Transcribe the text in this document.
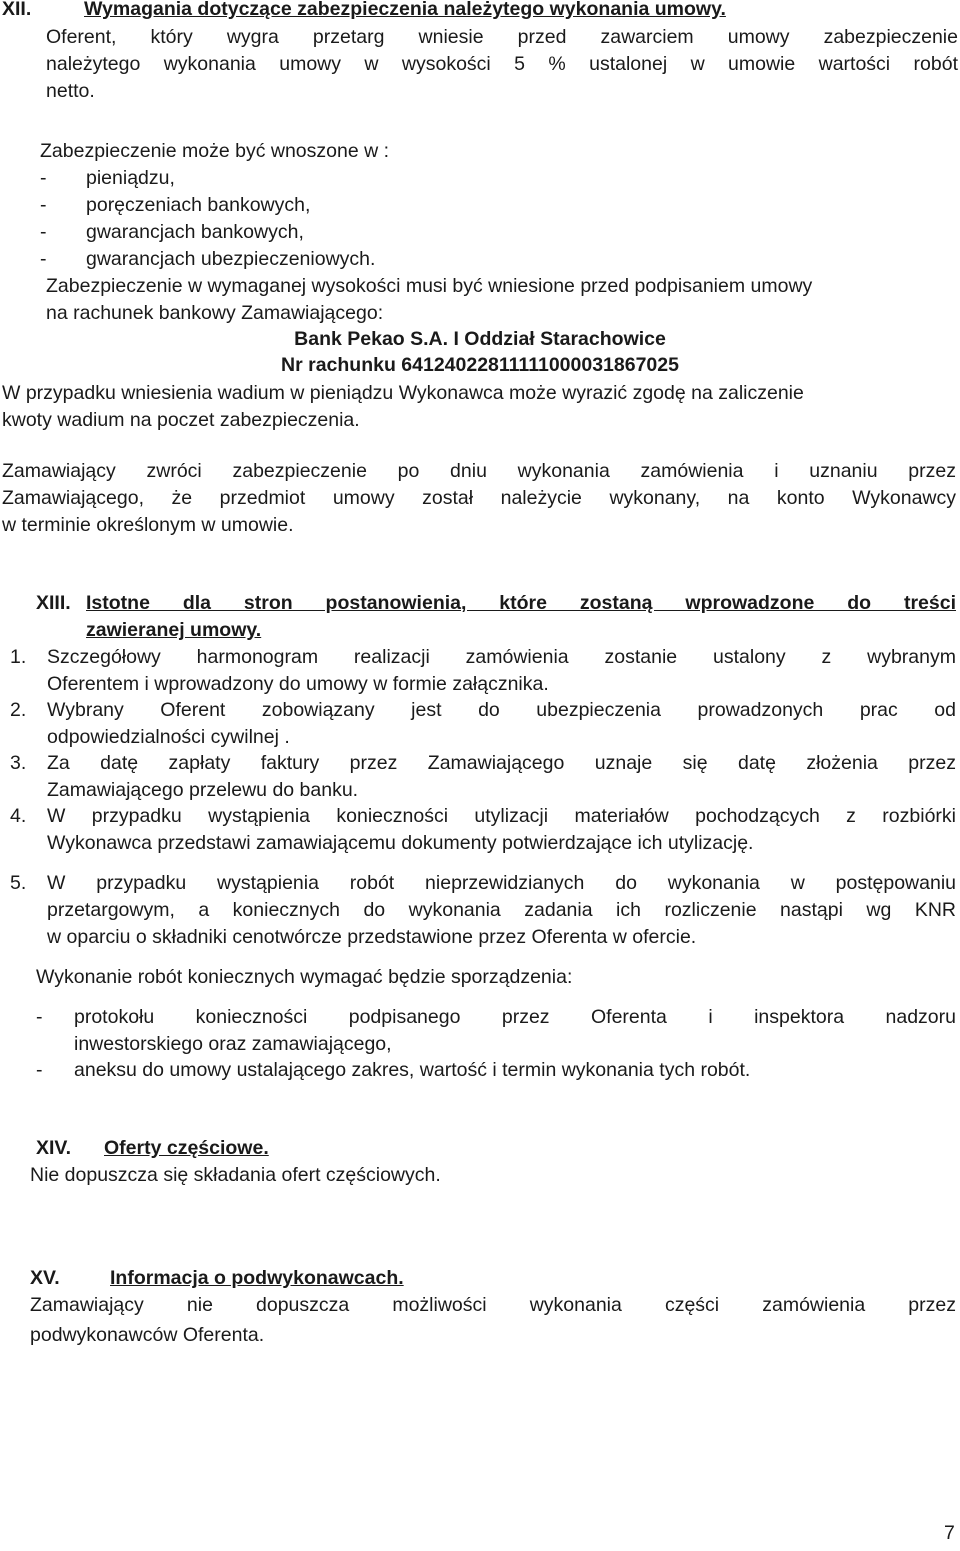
XII.	Wymagania dotyczące zabezpieczenia należytego wykonania umowy.

Oferent, który wygra przetarg wniesie przed zawarciem umowy zabezpieczenie

należytego wykonania umowy w wysokości 5 % ustalonej w umowie wartości robót

netto.

Zabezpieczenie może być wnoszone w :

- pieniądzu,

- poręczeniach bankowych,

- gwarancjach bankowych,

- gwarancjach ubezpieczeniowych.

Zabezpieczenie w wymaganej wysokości musi być wniesione przed podpisaniem umowy

na rachunek bankowy Zamawiającego:

Bank Pekao S.A. I Oddział Starachowice

Nr rachunku 64124022811111000031867025

W przypadku wniesienia wadium w pieniądzu Wykonawca może wyrazić zgodę na zaliczenie

kwoty wadium na poczet zabezpieczenia.

Zamawiający zwróci zabezpieczenie po dniu wykonania zamówienia i uznaniu przez

Zamawiającego, że przedmiot umowy został należycie wykonany, na konto Wykonawcy

w terminie określonym w umowie.

XIII. Istotne dla stron postanowienia, które zostaną wprowadzone do treści
zawieranej umowy.
1. Szczegółowy harmonogram realizacji zamówienia zostanie ustalony z wybranym

Oferentem i wprowadzony do umowy w formie załącznika.

2. Wybrany Oferent zobowiązany jest do ubezpieczenia prowadzonych prac od

odpowiedzialności cywilnej .

3. Za datę zapłaty faktury przez Zamawiającego uznaje się datę złożenia przez

Zamawiającego przelewu do banku.

4. W przypadku wystąpienia konieczności utylizacji materiałów pochodzących z rozbiórki

Wykonawca przedstawi zamawiającemu dokumenty potwierdzające ich utylizację.

5. W przypadku wystąpienia robót nieprzewidzianych do wykonania w postępowaniu

przetargowym, a koniecznych do wykonania zadania ich rozliczenie nastąpi wg KNR

w oparciu o składniki cenotwórcze przedstawione przez Oferenta w ofercie.

Wykonanie robót koniecznych wymagać będzie sporządzenia:

- protokołu konieczności podpisanego przez Oferenta i inspektora nadzoru

inwestorskiego oraz zamawiającego,

- aneksu do umowy ustalającego zakres, wartość i termin wykonania tych robót.

XIV. Oferty częściowe.

Nie dopuszcza się składania ofert częściowych.

XV.	Informacja o podwykonawcach.

Zamawiający nie dopuszcza możliwości wykonania części zamówienia przez

podwykonawców Oferenta.

7
